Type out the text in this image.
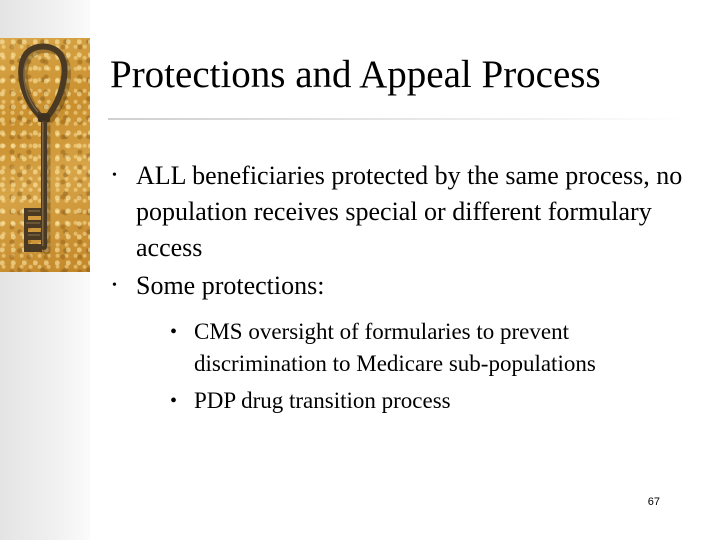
Protections and Appeal Process
• ALL beneficiaries protected by the same process, no population receives special or different formulary access
• Some protections:
• CMS oversight of formularies to prevent discrimination to Medicare sub-populations
• PDP drug transition process
67
